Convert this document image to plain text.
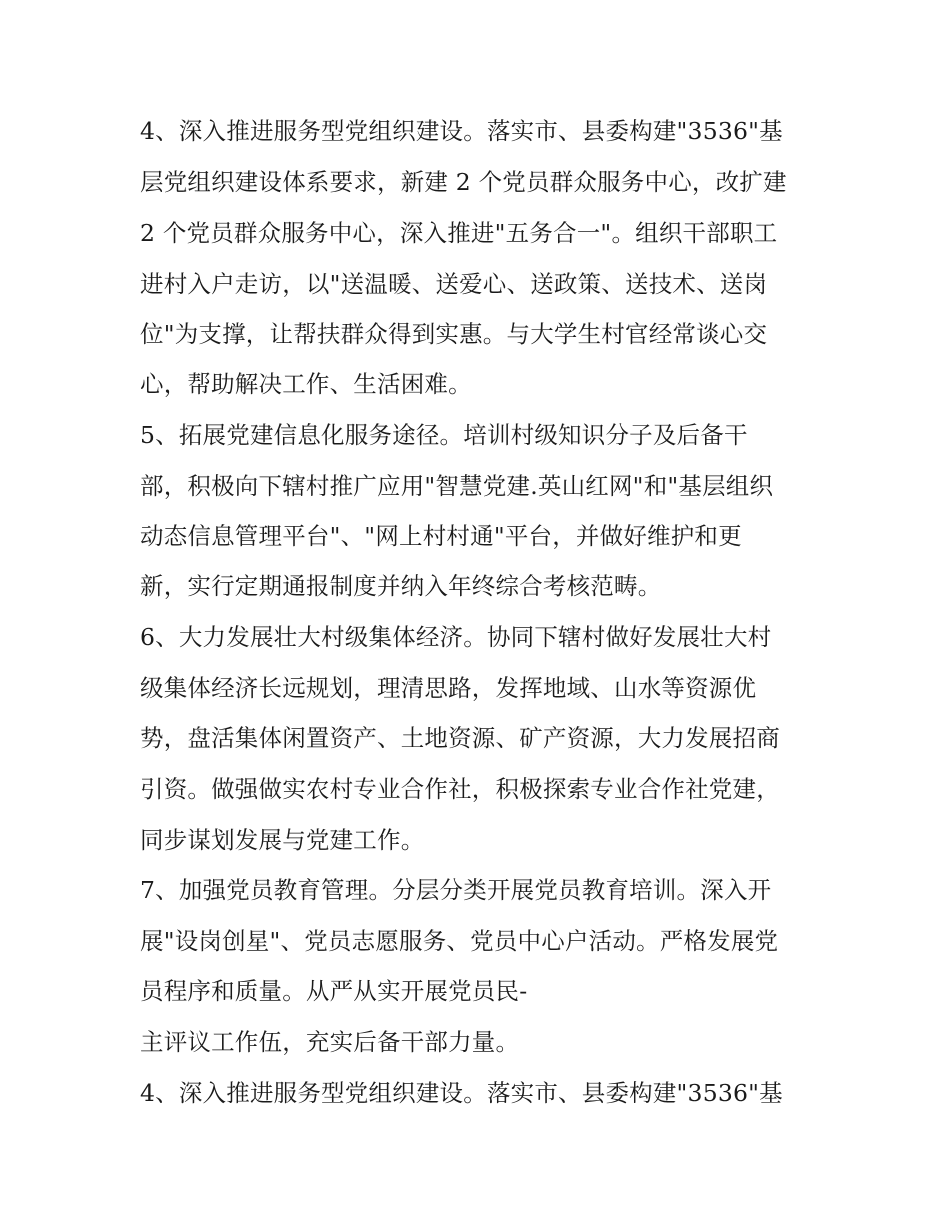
4、深入推进服务型党组织建设。落实市、县委构建"3536"基
层党组织建设体系要求，新建 2 个党员群众服务中心，改扩建
2 个党员群众服务中心，深入推进"五务合一"。组织干部职工
进村入户走访，以"送温暖、送爱心、送政策、送技术、送岗
位"为支撑，让帮扶群众得到实惠。与大学生村官经常谈心交
心，帮助解决工作、生活困难。
5、拓展党建信息化服务途径。培训村级知识分子及后备干
部，积极向下辖村推广应用"智慧党建.英山红网"和"基层组织
动态信息管理平台"、"网上村村通"平台，并做好维护和更
新，实行定期通报制度并纳入年终综合考核范畴。
6、大力发展壮大村级集体经济。协同下辖村做好发展壮大村
级集体经济长远规划，理清思路，发挥地域、山水等资源优
势，盘活集体闲置资产、土地资源、矿产资源，大力发展招商
引资。做强做实农村专业合作社，积极探索专业合作社党建，
同步谋划发展与党建工作。
7、加强党员教育管理。分层分类开展党员教育培训。深入开
展"设岗创星"、党员志愿服务、党员中心户活动。严格发展党
员程序和质量。从严从实开展党员民-
主评议工作伍，充实后备干部力量。
4、深入推进服务型党组织建设。落实市、县委构建"3536"基
